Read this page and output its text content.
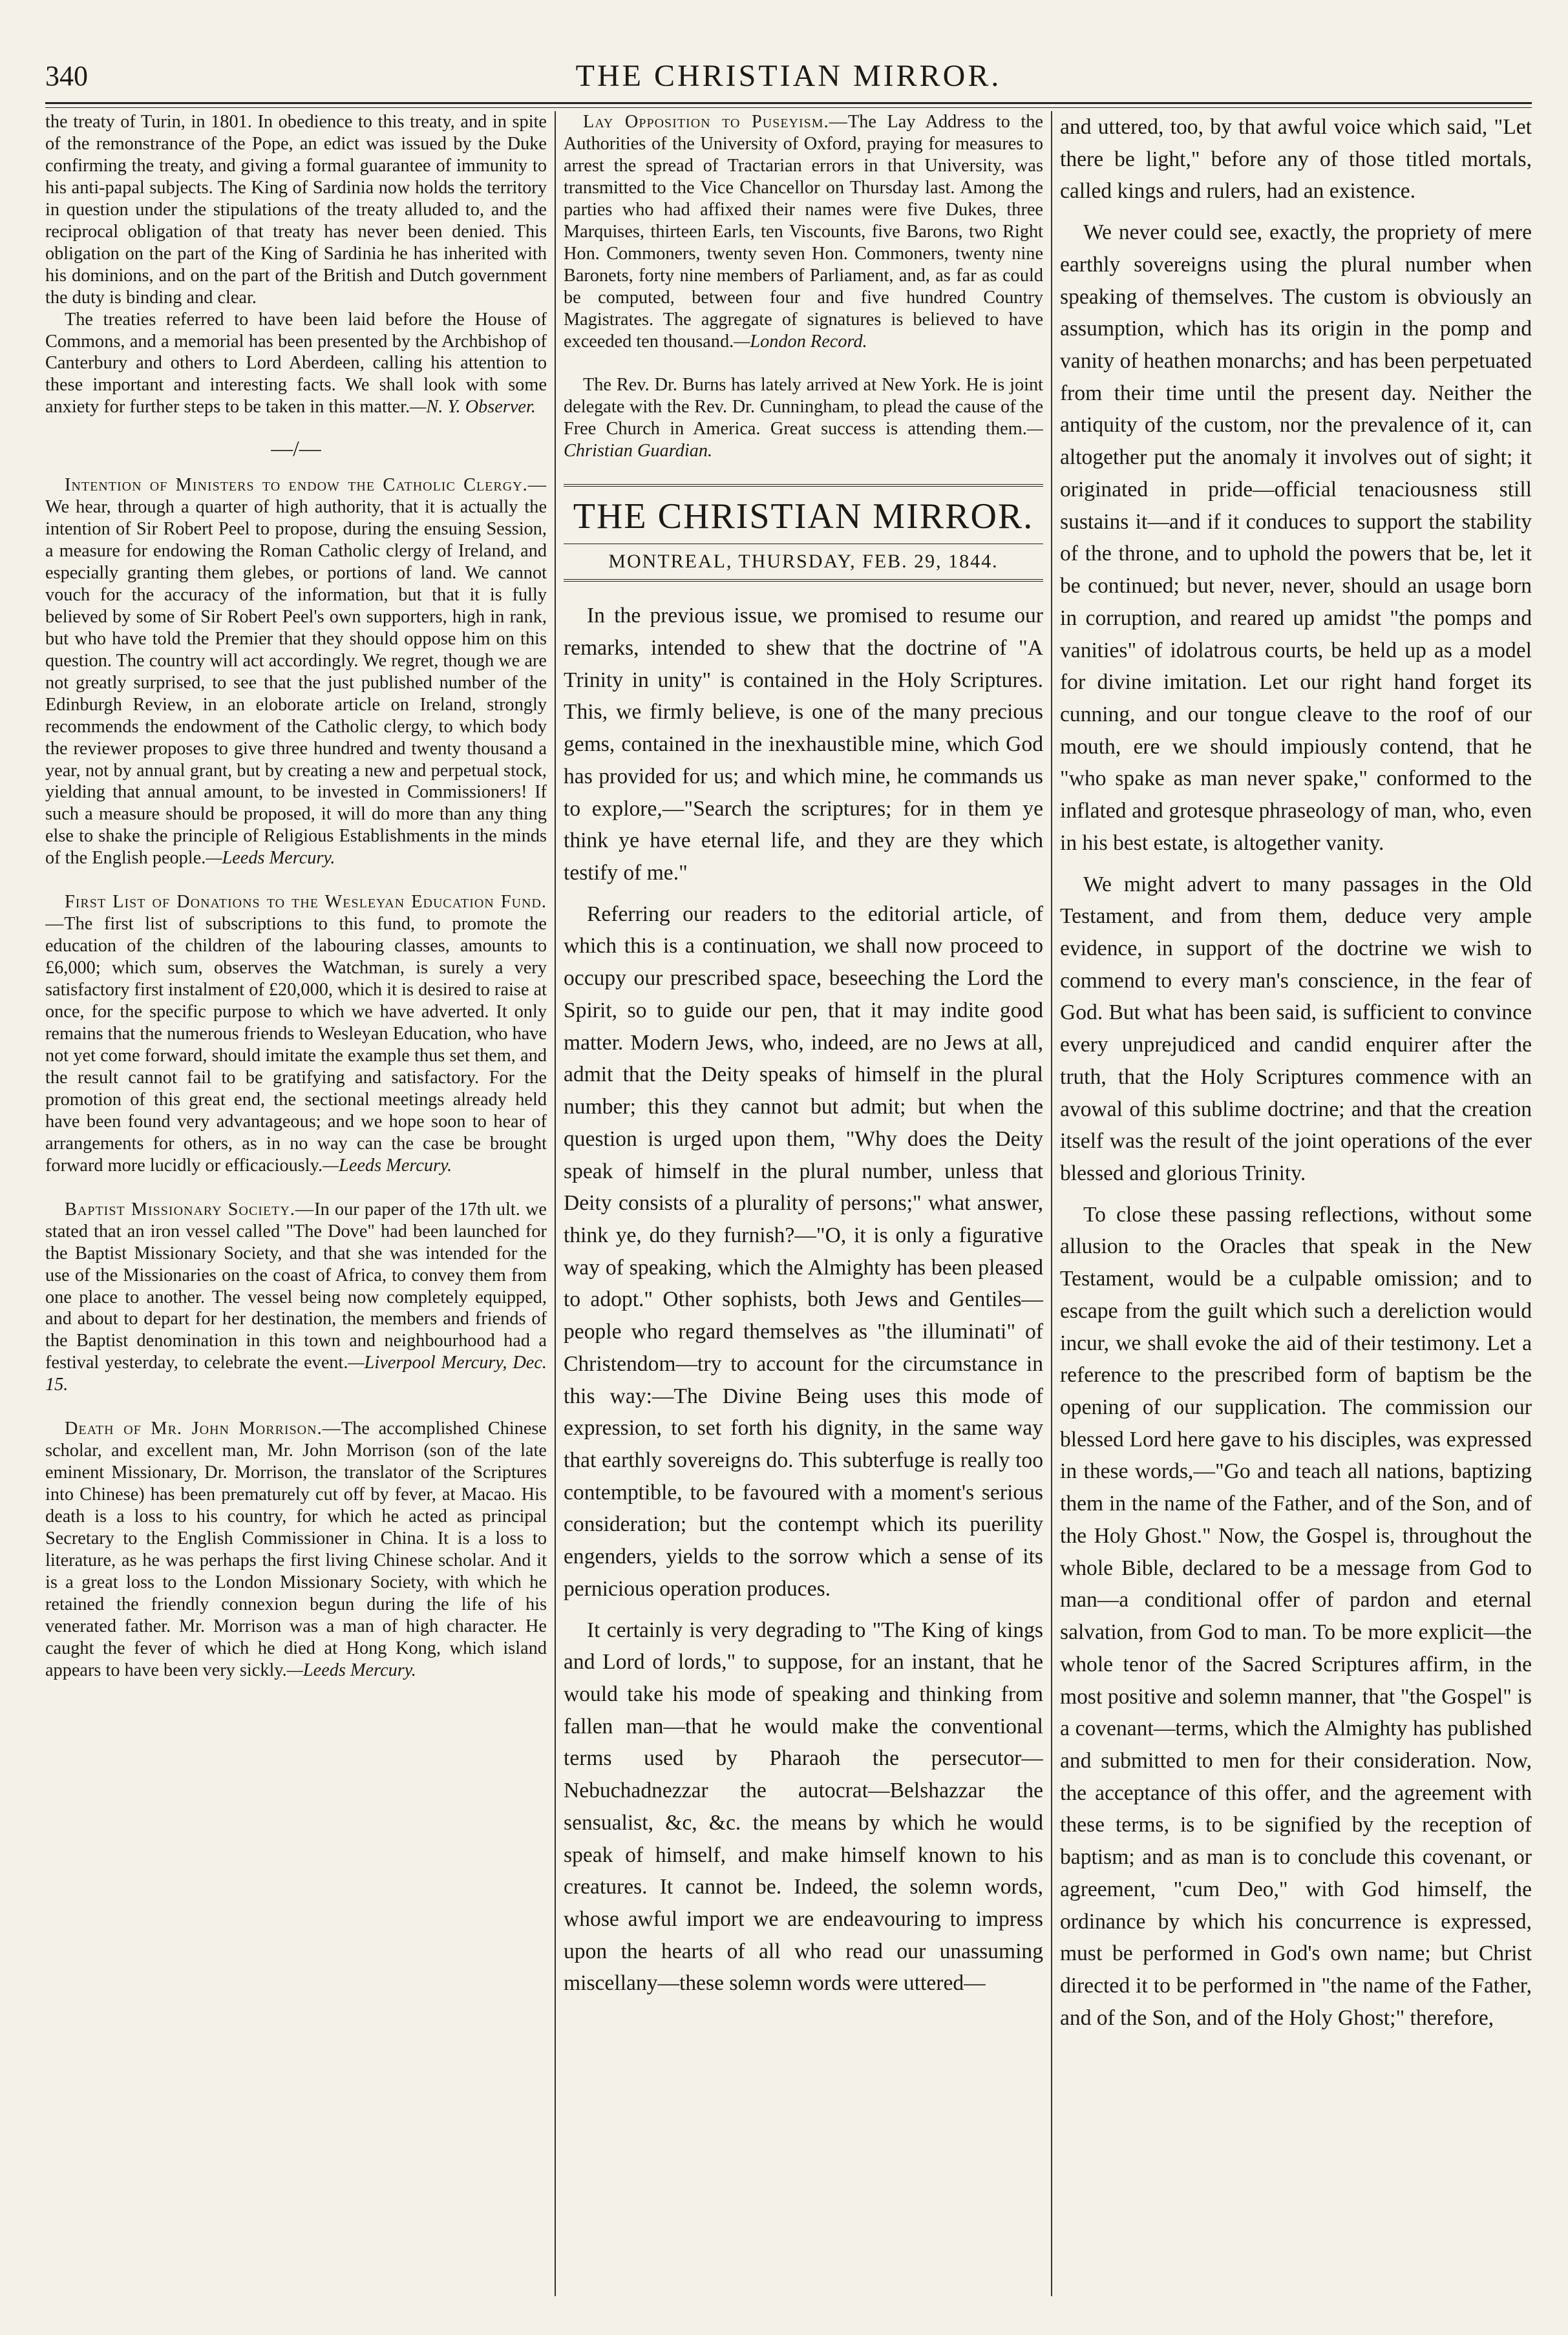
340	THE CHRISTIAN MIRROR.

the treaty of Turin, in 1801. In obedience to this treaty, and in spite of the remonstrance of the Pope, an edict was issued by the Duke confirming the treaty, and giving a formal guarantee of immunity to his anti-papal subjects. The King of Sardinia now holds the territory in question under the stipulations of the treaty alluded to, and the reciprocal obligation of that treaty has never been denied. This obligation on the part of the King of Sardinia he has inherited with his dominions, and on the part of the British and Dutch government the duty is binding and clear.

The treaties referred to have been laid before the House of Commons, and a memorial has been presented by the Archbishop of Canterbury and others to Lord Aberdeen, calling his attention to these important and interesting facts. We shall look with some anxiety for further steps to be taken in this matter.—N. Y. Observer.

—/—

Intention of Ministers to endow the Catholic Clergy.— We hear, through a quarter of high authority, that it is actually the intention of Sir Robert Peel to propose, during the ensuing Session, a measure for endowing the Roman Catholic clergy of Ireland, and especially granting them glebes, or portions of land. We cannot vouch for the accuracy of the information, but that it is fully believed by some of Sir Robert Peel's own supporters, high in rank, but who have told the Premier that they should oppose him on this question. The country will act accordingly. We regret, though we are not greatly surprised, to see that the just published number of the Edinburgh Review, in an eloborate article on Ireland, strongly recommends the endowment of the Catholic clergy, to which body the reviewer proposes to give three hundred and twenty thousand a year, not by annual grant, but by creating a new and perpetual stock, yielding that annual amount, to be invested in Commissioners! If such a measure should be proposed, it will do more than any thing else to shake the principle of Religious Establishments in the minds of the English people.—Leeds Mercury.

First List of Donations to the Wesleyan Education Fund.—The first list of subscriptions to this fund, to promote the education of the children of the labouring classes, amounts to £6,000; which sum, observes the Watchman, is surely a very satisfactory first instalment of £20,000, which it is desired to raise at once, for the specific purpose to which we have adverted. It only remains that the numerous friends to Wesleyan Education, who have not yet come forward, should imitate the example thus set them, and the result cannot fail to be gratifying and satisfactory. For the promotion of this great end, the sectional meetings already held have been found very advantageous; and we hope soon to hear of arrangements for others, as in no way can the case be brought forward more lucidly or efficaciously.—Leeds Mercury.

Baptist Missionary Society.—In our paper of the 17th ult. we stated that an iron vessel called "The Dove" had been launched for the Baptist Missionary Society, and that she was intended for the use of the Missionaries on the coast of Africa, to convey them from one place to another. The vessel being now completely equipped, and about to depart for her destination, the members and friends of the Baptist denomination in this town and neighbourhood had a festival yesterday, to celebrate the event.—Liverpool Mercury, Dec. 15.

Death of Mr. John Morrison.—The accomplished Chinese scholar, and excellent man, Mr. John Morrison (son of the late eminent Missionary, Dr. Morrison, the translator of the Scriptures into Chinese) has been prematurely cut off by fever, at Macao. His death is a loss to his country, for which he acted as principal Secretary to the English Commissioner in China. It is a loss to literature, as he was perhaps the first living Chinese scholar. And it is a great loss to the London Missionary Society, with which he retained the friendly connexion begun during the life of his venerated father. Mr. Morrison was a man of high character. He caught the fever of which he died at Hong Kong, which island appears to have been very sickly.—Leeds Mercury.

Lay Opposition to Puseyism.—The Lay Address to the Authorities of the University of Oxford, praying for measures to arrest the spread of Tractarian errors in that University, was transmitted to the Vice Chancellor on Thursday last. Among the parties who had affixed their names were five Dukes, three Marquises, thirteen Earls, ten Viscounts, five Barons, two Right Hon. Commoners, twenty seven Hon. Commoners, twenty nine Baronets, forty nine members of Parliament, and, as far as could be computed, between four and five hundred Country Magistrates. The aggregate of signatures is believed to have exceeded ten thousand.—London Record.

The Rev. Dr. Burns has lately arrived at New York. He is joint delegate with the Rev. Dr. Cunningham, to plead the cause of the Free Church in America. Great success is attending them.—Christian Guardian.

THE CHRISTIAN MIRROR.
MONTREAL, THURSDAY, FEB. 29, 1844.

In the previous issue, we promised to resume our remarks, intended to shew that the doctrine of "A Trinity in unity" is contained in the Holy Scriptures. This, we firmly believe, is one of the many precious gems, contained in the inexhaustible mine, which God has provided for us; and which mine, he commands us to explore,—"Search the scriptures; for in them ye think ye have eternal life, and they are they which testify of me."

Referring our readers to the editorial article, of which this is a continuation, we shall now proceed to occupy our prescribed space, beseeching the Lord the Spirit, so to guide our pen, that it may indite good matter. Modern Jews, who, indeed, are no Jews at all, admit that the Deity speaks of himself in the plural number; this they cannot but admit; but when the question is urged upon them, "Why does the Deity speak of himself in the plural number, unless that Deity consists of a plurality of persons;" what answer, think ye, do they furnish?—"O, it is only a figurative way of speaking, which the Almighty has been pleased to adopt." Other sophists, both Jews and Gentiles—people who regard themselves as "the illuminati" of Christendom—try to account for the circumstance in this way:—The Divine Being uses this mode of expression, to set forth his dignity, in the same way that earthly sovereigns do. This subterfuge is really too contemptible, to be favoured with a moment's serious consideration; but the contempt which its puerility engenders, yields to the sorrow which a sense of its pernicious operation produces.

It certainly is very degrading to "The King of kings and Lord of lords," to suppose, for an instant, that he would take his mode of speaking and thinking from fallen man—that he would make the conventional terms used by Pharaoh the persecutor—Nebuchadnezzar the autocrat—Belshazzar the sensualist, &c, &c. the means by which he would speak of himself, and make himself known to his creatures. It cannot be. Indeed, the solemn words, whose awful import we are endeavouring to impress upon the hearts of all who read our unassuming miscellany—these solemn words were uttered—

and uttered, too, by that awful voice which said, "Let there be light," before any of those titled mortals, called kings and rulers, had an existence.

We never could see, exactly, the propriety of mere earthly sovereigns using the plural number when speaking of themselves. The custom is obviously an assumption, which has its origin in the pomp and vanity of heathen monarchs; and has been perpetuated from their time until the present day. Neither the antiquity of the custom, nor the prevalence of it, can altogether put the anomaly it involves out of sight; it originated in pride—official tenaciousness still sustains it—and if it conduces to support the stability of the throne, and to uphold the powers that be, let it be continued; but never, never, should an usage born in corruption, and reared up amidst "the pomps and vanities" of idolatrous courts, be held up as a model for divine imitation. Let our right hand forget its cunning, and our tongue cleave to the roof of our mouth, ere we should impiously contend, that he "who spake as man never spake," conformed to the inflated and grotesque phraseology of man, who, even in his best estate, is altogether vanity.

We might advert to many passages in the Old Testament, and from them, deduce very ample evidence, in support of the doctrine we wish to commend to every man's conscience, in the fear of God. But what has been said, is sufficient to convince every unprejudiced and candid enquirer after the truth, that the Holy Scriptures commence with an avowal of this sublime doctrine; and that the creation itself was the result of the joint operations of the ever blessed and glorious Trinity.

To close these passing reflections, without some allusion to the Oracles that speak in the New Testament, would be a culpable omission; and to escape from the guilt which such a dereliction would incur, we shall evoke the aid of their testimony. Let a reference to the prescribed form of baptism be the opening of our supplication. The commission our blessed Lord here gave to his disciples, was expressed in these words,—"Go and teach all nations, baptizing them in the name of the Father, and of the Son, and of the Holy Ghost." Now, the Gospel is, throughout the whole Bible, declared to be a message from God to man—a conditional offer of pardon and eternal salvation, from God to man. To be more explicit—the whole tenor of the Sacred Scriptures affirm, in the most positive and solemn manner, that "the Gospel" is a covenant—terms, which the Almighty has published and submitted to men for their consideration. Now, the acceptance of this offer, and the agreement with these terms, is to be signified by the reception of baptism; and as man is to conclude this covenant, or agreement, "cum Deo," with God himself, the ordinance by which his concurrence is expressed, must be performed in God's own name; but Christ directed it to be performed in "the name of the Father, and of the Son, and of the Holy Ghost;" therefore,
